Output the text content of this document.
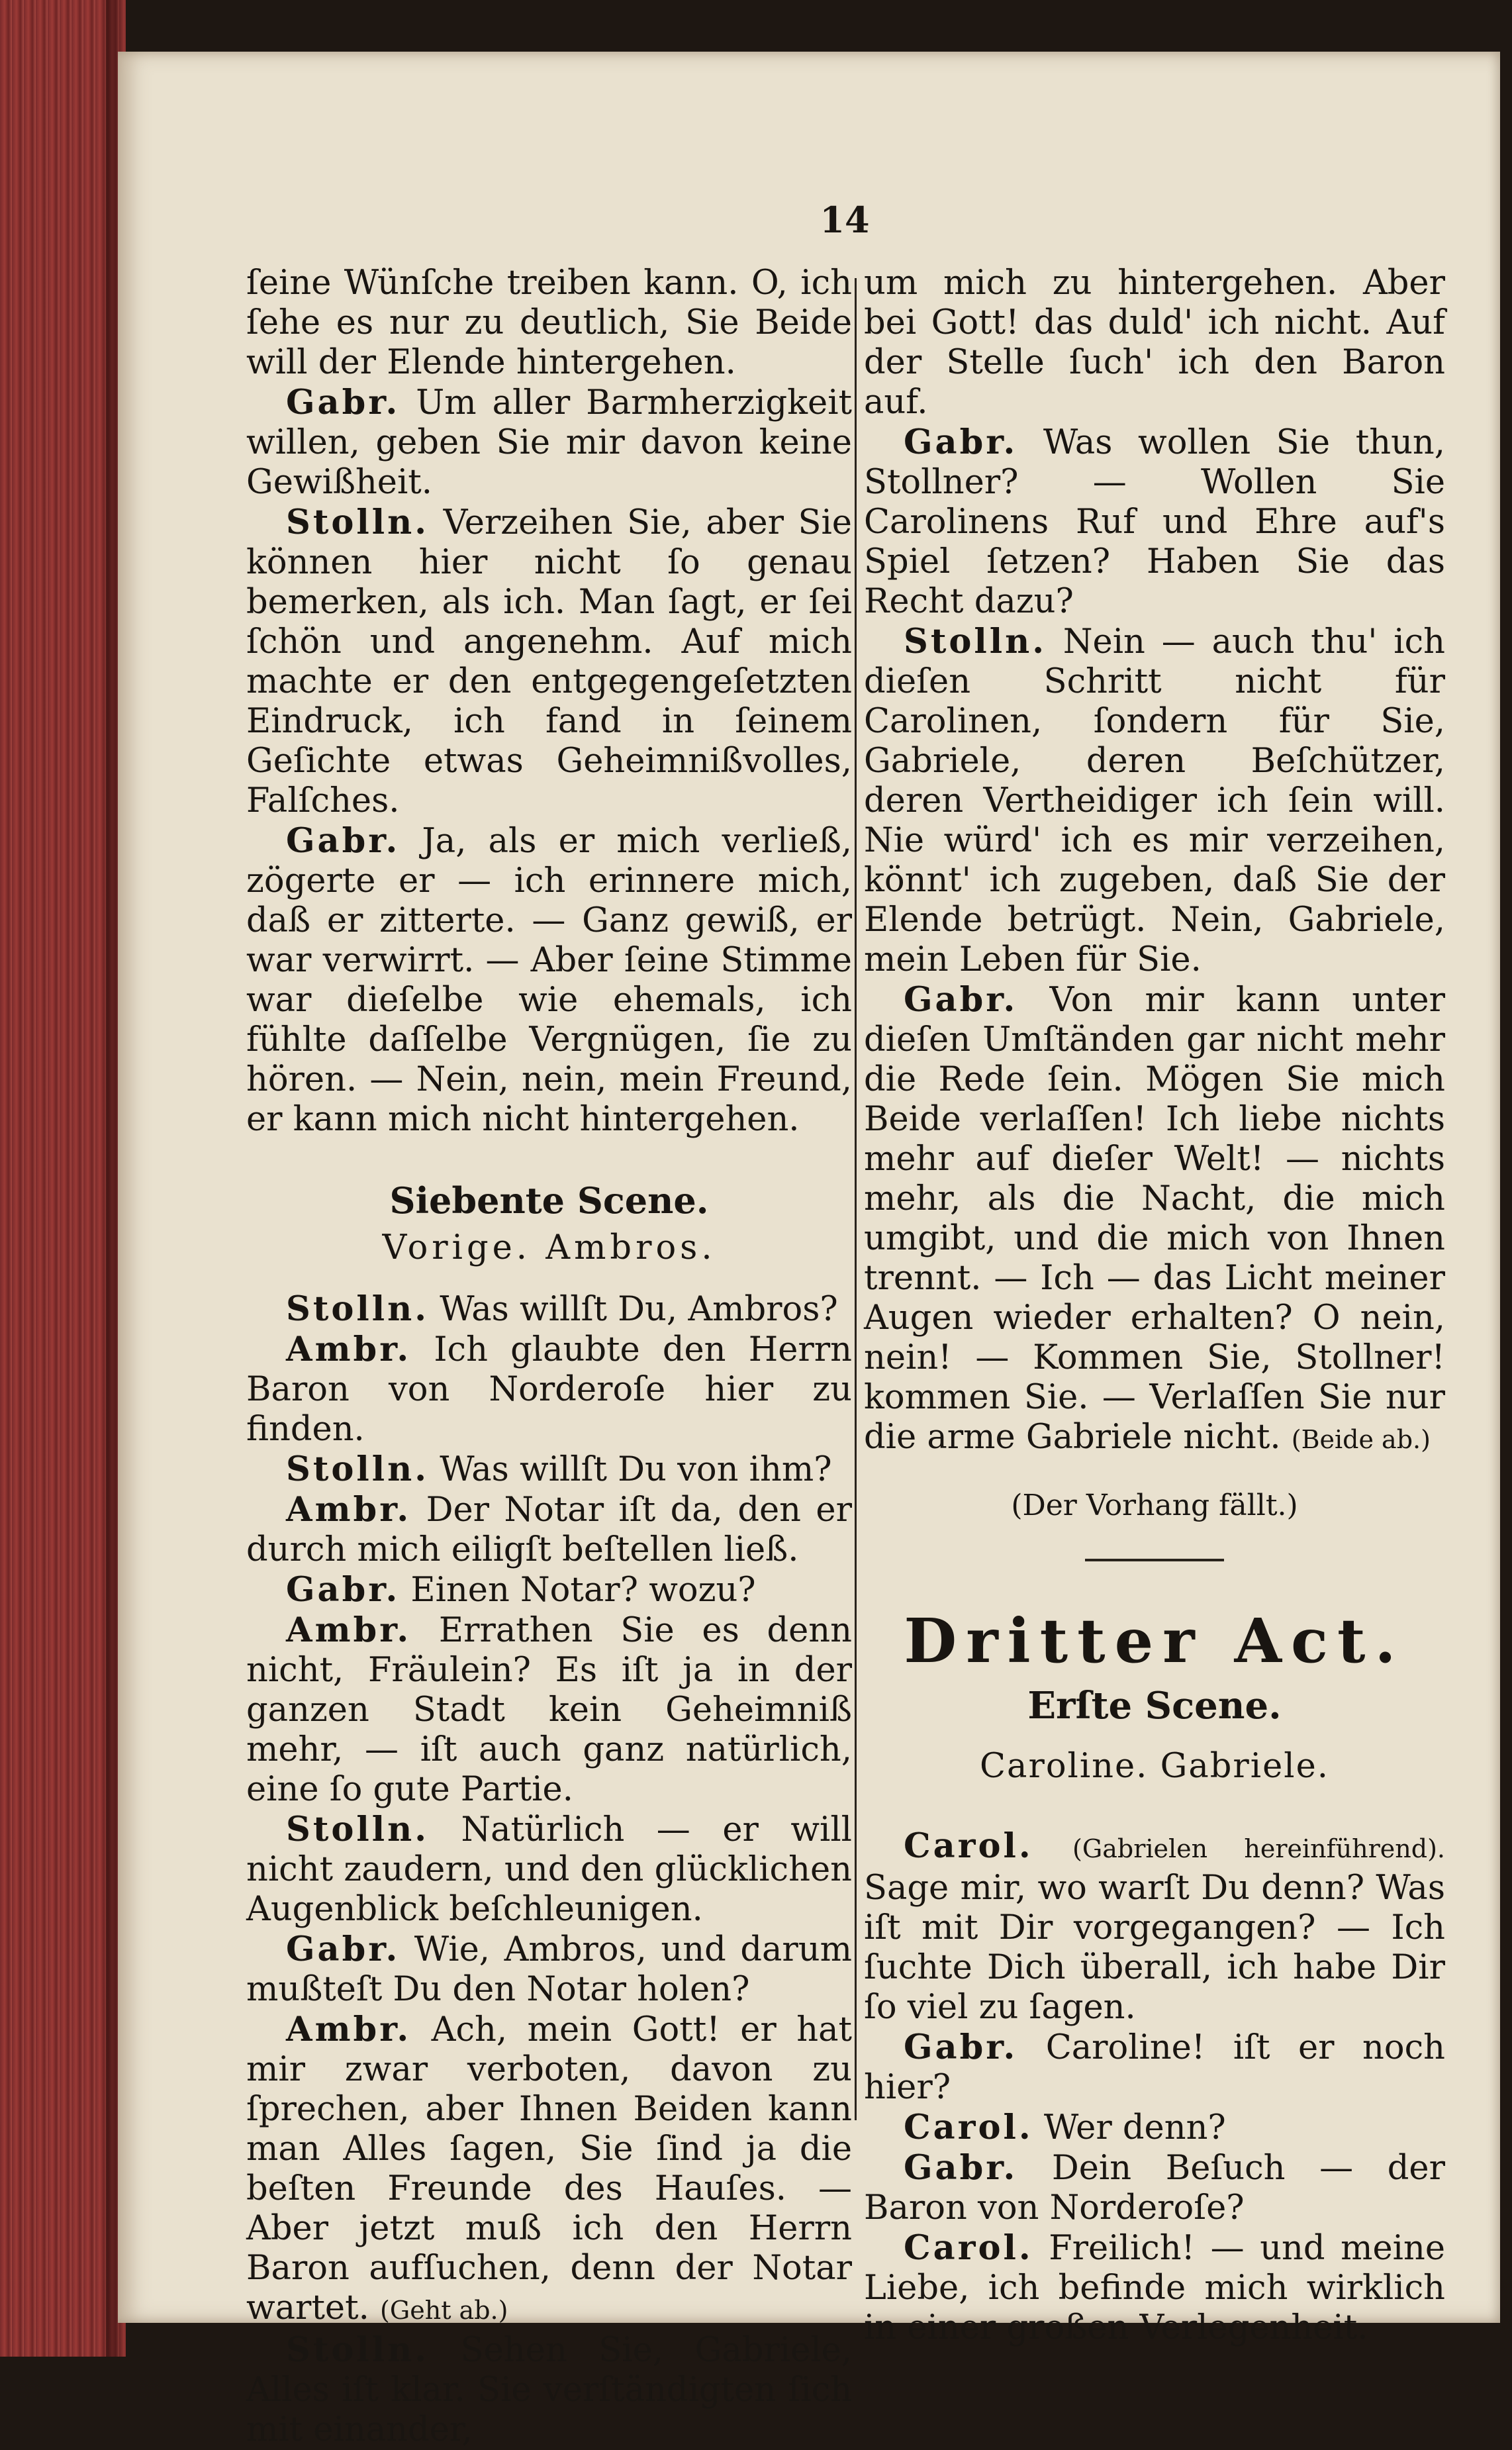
14

ſeine Wünſche treiben kann. O, ich ſehe es nur zu deutlich, Sie Beide will der Elende hintergehen.

Gabr. Um aller Barmherzigkeit willen, geben Sie mir davon keine Gewißheit.

Stolln. Verzeihen Sie, aber Sie können hier nicht ſo genau bemerken, als ich. Man ſagt, er ſei ſchön und angenehm. Auf mich machte er den entgegengeſetzten Eindruck, ich fand in ſeinem Geſichte etwas Geheimnißvolles, Falſches.

Gabr. Ja, als er mich verließ, zögerte er — ich erinnere mich, daß er zitterte. — Ganz gewiß, er war verwirrt. — Aber ſeine Stimme war dieſelbe wie ehemals, ich fühlte daſſelbe Vergnügen, ſie zu hören. — Nein, nein, mein Freund, er kann mich nicht hintergehen.

Siebente Scene.
Vorige. Ambros.

Stolln. Was willſt Du, Ambros?

Ambr. Ich glaubte den Herrn Baron von Norderoſe hier zu finden.

Stolln. Was willſt Du von ihm?

Ambr. Der Notar iſt da, den er durch mich eiligſt beſtellen ließ.

Gabr. Einen Notar? wozu?

Ambr. Errathen Sie es denn nicht, Fräulein? Es iſt ja in der ganzen Stadt kein Geheimniß mehr, — iſt auch ganz natürlich, eine ſo gute Partie.

Stolln. Natürlich — er will nicht zaudern, und den glücklichen Augenblick beſchleunigen.

Gabr. Wie, Ambros, und darum mußteſt Du den Notar holen?

Ambr. Ach, mein Gott! er hat mir zwar verboten, davon zu ſprechen, aber Ihnen Beiden kann man Alles ſagen, Sie ſind ja die beſten Freunde des Hauſes. — Aber jetzt muß ich den Herrn Baron aufſuchen, denn der Notar wartet. (Geht ab.)

Stolln. Sehen Sie, Gabriele, Alles iſt klar. Sie verſtändigten ſich mit einander,

um mich zu hintergehen. Aber bei Gott! das duld' ich nicht. Auf der Stelle ſuch' ich den Baron auf.

Gabr. Was wollen Sie thun, Stollner? — Wollen Sie Carolinens Ruf und Ehre auf's Spiel ſetzen? Haben Sie das Recht dazu?

Stolln. Nein — auch thu' ich dieſen Schritt nicht für Carolinen, ſondern für Sie, Gabriele, deren Beſchützer, deren Vertheidiger ich ſein will. Nie würd' ich es mir verzeihen, könnt' ich zugeben, daß Sie der Elende betrügt. Nein, Gabriele, mein Leben für Sie.

Gabr. Von mir kann unter dieſen Umſtänden gar nicht mehr die Rede ſein. Mögen Sie mich Beide verlaſſen! Ich liebe nichts mehr auf dieſer Welt! — nichts mehr, als die Nacht, die mich umgibt, und die mich von Ihnen trennt. — Ich — das Licht meiner Augen wieder erhalten? O nein, nein! — Kommen Sie, Stollner! kommen Sie. — Verlaſſen Sie nur die arme Gabriele nicht. (Beide ab.)

(Der Vorhang fällt.)
Dritter Act.
Erſte Scene.
Caroline. Gabriele.

Carol. (Gabrielen hereinführend). Sage mir, wo warſt Du denn? Was iſt mit Dir vorgegangen? — Ich ſuchte Dich überall, ich habe Dir ſo viel zu ſagen.

Gabr. Caroline! iſt er noch hier?

Carol. Wer denn?

Gabr. Dein Beſuch — der Baron von Norderoſe?

Carol. Freilich! — und meine Liebe, ich befinde mich wirklich in einer großen Verlegenheit.
